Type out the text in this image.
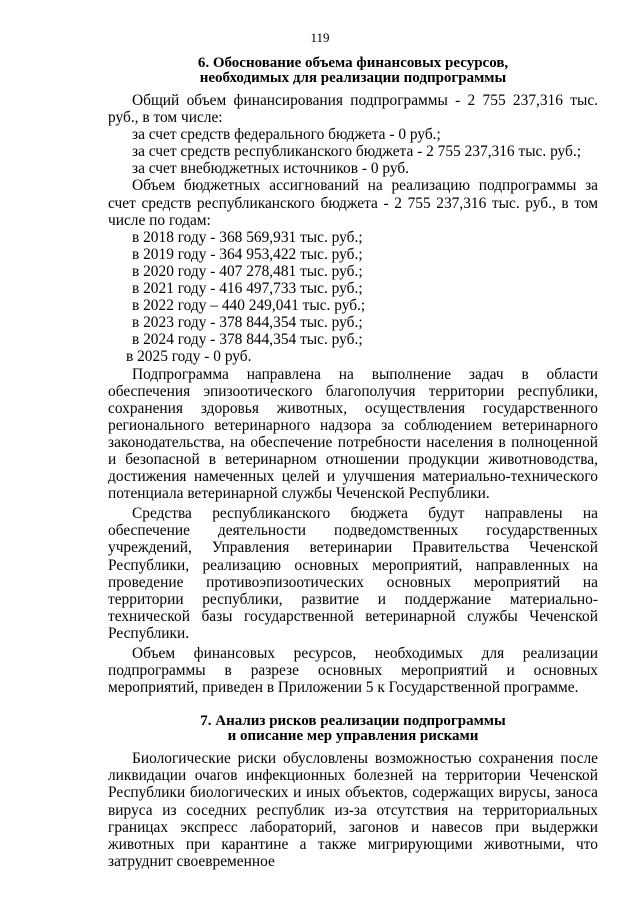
119
6. Обоснование объема финансовых ресурсов,
необходимых для реализации подпрограммы

Общий объем финансирования подпрограммы - 2 755 237,316 тыс. руб., в том числе:

за счет средств федерального бюджета - 0 руб.;

за счет средств республиканского бюджета - 2 755 237,316 тыс. руб.;

за счет внебюджетных источников - 0 руб.

Объем бюджетных ассигнований на реализацию подпрограммы за счет средств республиканского бюджета - 2 755 237,316 тыс. руб., в том числе по годам:

в 2018 году - 368 569,931 тыс. руб.;

в 2019 году - 364 953,422 тыс. руб.;

в 2020 году - 407 278,481 тыс. руб.;

в 2021 году - 416 497,733 тыс. руб.;

в 2022 году – 440 249,041 тыс. руб.;

в 2023 году - 378 844,354 тыс. руб.;

в 2024 году - 378 844,354 тыс. руб.;

в 2025 году - 0 руб.

Подпрограмма направлена на выполнение задач в области обеспечения эпизоотического благополучия территории республики, сохранения здоровья животных, осуществления государственного регионального ветеринарного надзора за соблюдением ветеринарного законодательства, на обеспечение потребности населения в полноценной и безопасной в ветеринарном отношении продукции животноводства, достижения намеченных целей и улучшения материально-технического потенциала ветеринарной службы Чеченской Республики.

Средства республиканского бюджета будут направлены на обеспечение деятельности подведомственных государственных учреждений, Управления ветеринарии Правительства Чеченской Республики, реализацию основных мероприятий, направленных на проведение противоэпизоотических основных мероприятий на территории республики, развитие и поддержание материально-технической базы государственной ветеринарной службы Чеченской Республики.

Объем финансовых ресурсов, необходимых для реализации подпрограммы в разрезе основных мероприятий и основных мероприятий, приведен в Приложении 5 к Государственной программе.

7. Анализ рисков реализации подпрограммы
и описание мер управления рисками

Биологические риски обусловлены возможностью сохранения после ликвидации очагов инфекционных болезней на территории Чеченской Республики биологических и иных объектов, содержащих вирусы, заноса вируса из соседних республик из-за отсутствия на территориальных границах экспресс лабораторий, загонов и навесов при выдержки животных при карантине а также мигрирующими животными, что затруднит своевременное
